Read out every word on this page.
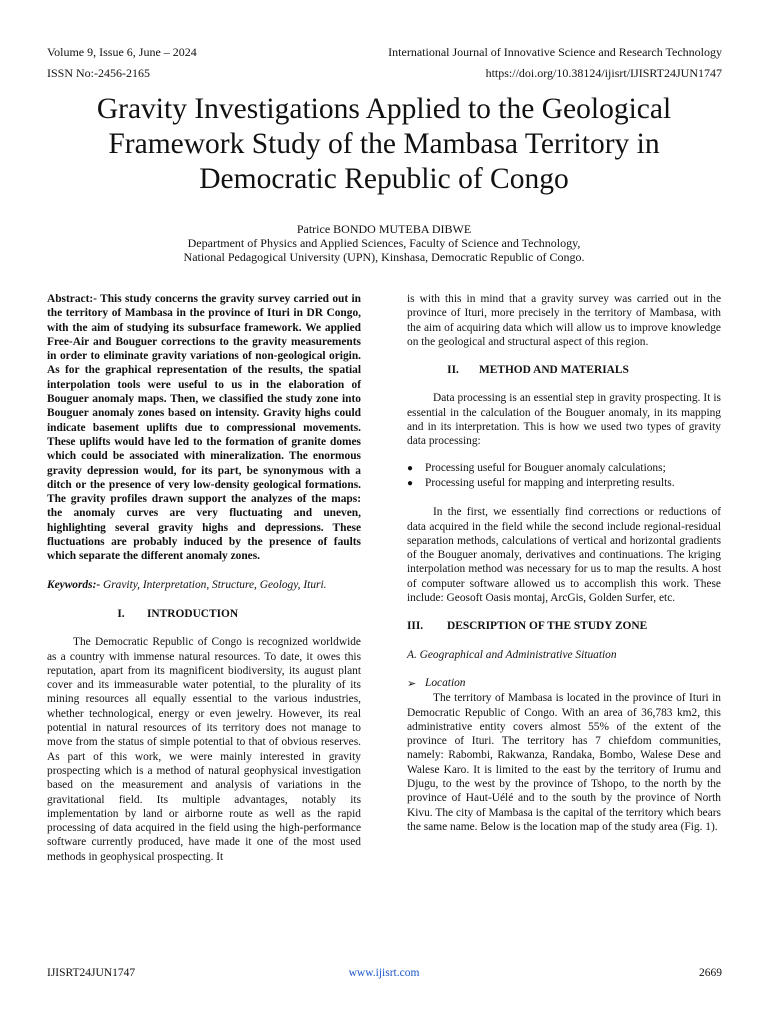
Volume 9, Issue 6, June – 2024	International Journal of Innovative Science and Research Technology
ISSN No:-2456-2165	https://doi.org/10.38124/ijisrt/IJISRT24JUN1747
Gravity Investigations Applied to the Geological Framework Study of the Mambasa Territory in Democratic Republic of Congo
Patrice BONDO MUTEBA DIBWE
Department of Physics and Applied Sciences, Faculty of Science and Technology,
National Pedagogical University (UPN), Kinshasa, Democratic Republic of Congo.

Abstract:- This study concerns the gravity survey carried out in the territory of Mambasa in the province of Ituri in DR Congo, with the aim of studying its subsurface framework. We applied Free-Air and Bouguer corrections to the gravity measurements in order to eliminate gravity variations of non-geological origin. As for the graphical representation of the results, the spatial interpolation tools were useful to us in the elaboration of Bouguer anomaly maps. Then, we classified the study zone into Bouguer anomaly zones based on intensity. Gravity highs could indicate basement uplifts due to compressional movements. These uplifts would have led to the formation of granite domes which could be associated with mineralization. The enormous gravity depression would, for its part, be synonymous with a ditch or the presence of very low-density geological formations. The gravity profiles drawn support the analyzes of the maps: the anomaly curves are very fluctuating and uneven, highlighting several gravity highs and depressions. These fluctuations are probably induced by the presence of faults which separate the different anomaly zones.

Keywords:- Gravity, Interpretation, Structure, Geology, Ituri.

I.	INTRODUCTION

The Democratic Republic of Congo is recognized worldwide as a country with immense natural resources. To date, it owes this reputation, apart from its magnificent biodiversity, its august plant cover and its immeasurable water potential, to the plurality of its mining resources all equally essential to the various industries, whether technological, energy or even jewelry. However, its real potential in natural resources of its territory does not manage to move from the status of simple potential to that of obvious reserves. As part of this work, we were mainly interested in gravity prospecting which is a method of natural geophysical investigation based on the measurement and analysis of variations in the gravitational field. Its multiple advantages, notably its implementation by land or airborne route as well as the rapid processing of data acquired in the field using the high-performance software currently produced, have made it one of the most used methods in geophysical prospecting. It

is with this in mind that a gravity survey was carried out in the province of Ituri, more precisely in the territory of Mambasa, with the aim of acquiring data which will allow us to improve knowledge on the geological and structural aspect of this region.

II.	METHOD AND MATERIALS

Data processing is an essential step in gravity prospecting. It is essential in the calculation of the Bouguer anomaly, in its mapping and in its interpretation. This is how we used two types of gravity data processing:

●	Processing useful for Bouguer anomaly calculations;
●	Processing useful for mapping and interpreting results.

In the first, we essentially find corrections or reductions of data acquired in the field while the second include regional-residual separation methods, calculations of vertical and horizontal gradients of the Bouguer anomaly, derivatives and continuations. The kriging interpolation method was necessary for us to map the results. A host of computer software allowed us to accomplish this work. These include: Geosoft Oasis montaj, ArcGis, Golden Surfer, etc.

III.	DESCRIPTION OF THE STUDY ZONE

A. Geographical and Administrative Situation

➢ Location

The territory of Mambasa is located in the province of Ituri in Democratic Republic of Congo. With an area of 36,783 km2, this administrative entity covers almost 55% of the extent of the province of Ituri. The territory has 7 chiefdom communities, namely: Rabombi, Rakwanza, Randaka, Bombo, Walese Dese and Walese Karo. It is limited to the east by the territory of Irumu and Djugu, to the west by the province of Tshopo, to the north by the province of Haut-Uélé and to the south by the province of North Kivu. The city of Mambasa is the capital of the territory which bears the same name. Below is the location map of the study area (Fig. 1).

IJISRT24JUN1747	www.ijisrt.com	2669
